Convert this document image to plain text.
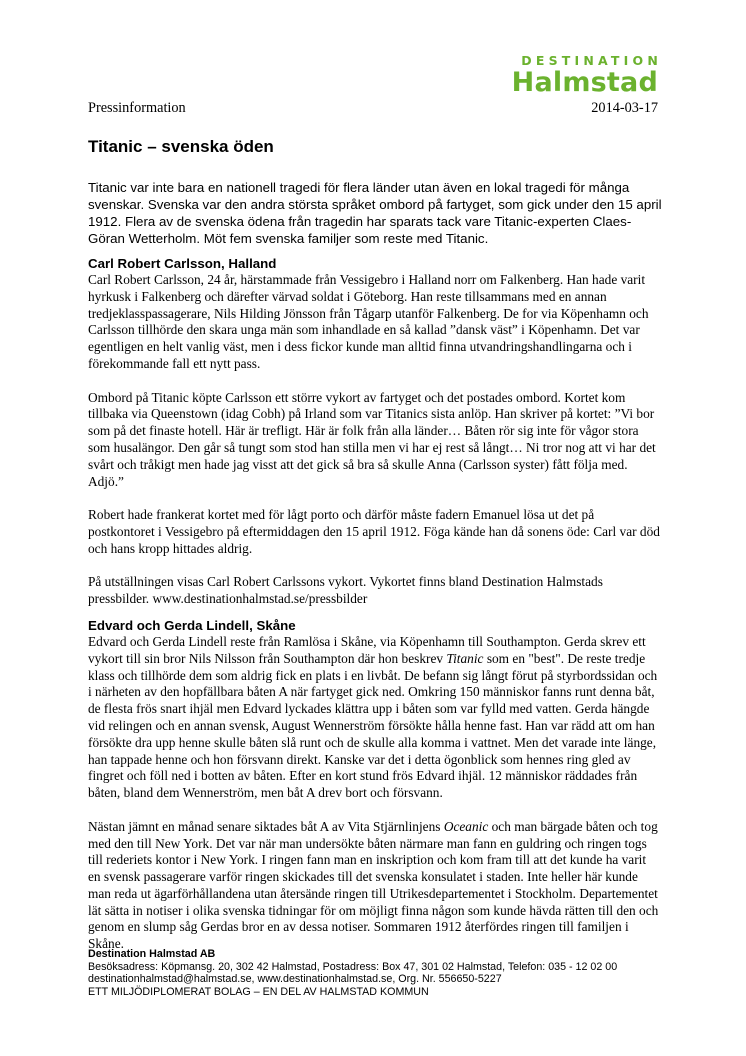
DESTINATION
Halmstad
Pressinformation	2014-03-17
Titanic – svenska öden

Titanic var inte bara en nationell tragedi för flera länder utan även en lokal tragedi för många svenskar. Svenska var den andra största språket ombord på fartyget, som gick under den 15 april 1912. Flera av de svenska ödena från tragedin har sparats tack vare Titanic-experten Claes-Göran Wetterholm. Möt fem svenska familjer som reste med Titanic.

Carl Robert Carlsson, Halland

Carl Robert Carlsson, 24 år, härstammade från Vessigebro i Halland norr om Falkenberg. Han hade varit hyrkusk i Falkenberg och därefter värvad soldat i Göteborg. Han reste tillsammans med en annan tredjeklasspassagerare, Nils Hilding Jönsson från Tågarp utanför Falkenberg. De for via Köpenhamn och Carlsson tillhörde den skara unga män som inhandlade en så kallad ”dansk väst” i Köpenhamn. Det var egentligen en helt vanlig väst, men i dess fickor kunde man alltid finna utvandringshandlingarna och i förekommande fall ett nytt pass.

Ombord på Titanic köpte Carlsson ett större vykort av fartyget och det postades ombord. Kortet kom tillbaka via Queenstown (idag Cobh) på Irland som var Titanics sista anlöp. Han skriver på kortet: ”Vi bor som på det finaste hotell. Här är trefligt. Här är folk från alla länder… Båten rör sig inte för vågor stora som husalängor. Den går så tungt som stod han stilla men vi har ej rest så långt… Ni tror nog att vi har det svårt och tråkigt men hade jag visst att det gick så bra så skulle Anna (Carlsson syster) fått följa med. Adjö.”

Robert hade frankerat kortet med för lågt porto och därför måste fadern Emanuel lösa ut det på postkontoret i Vessigebro på eftermiddagen den 15 april 1912. Föga kände han då sonens öde: Carl var död och hans kropp hittades aldrig.

På utställningen visas Carl Robert Carlssons vykort. Vykortet finns bland Destination Halmstads pressbilder. www.destinationhalmstad.se/pressbilder

Edvard och Gerda Lindell, Skåne

Edvard och Gerda Lindell reste från Ramlösa i Skåne, via Köpenhamn till Southampton. Gerda skrev ett vykort till sin bror Nils Nilsson från Southampton där hon beskrev Titanic som en "best". De reste tredje klass och tillhörde dem som aldrig fick en plats i en livbåt. De befann sig långt förut på styrbordssidan och i närheten av den hopfällbara båten A när fartyget gick ned. Omkring 150 människor fanns runt denna båt, de flesta frös snart ihjäl men Edvard lyckades klättra upp i båten som var fylld med vatten. Gerda hängde vid relingen och en annan svensk, August Wennerström försökte hålla henne fast. Han var rädd att om han försökte dra upp henne skulle båten slå runt och de skulle alla komma i vattnet. Men det varade inte länge, han tappade henne och hon försvann direkt. Kanske var det i detta ögonblick som hennes ring gled av fingret och föll ned i botten av båten. Efter en kort stund frös Edvard ihjäl. 12 människor räddades från båten, bland dem Wennerström, men båt A drev bort och försvann.

Nästan jämnt en månad senare siktades båt A av Vita Stjärnlinjens Oceanic och man bärgade båten och tog med den till New York. Det var när man undersökte båten närmare man fann en guldring och ringen togs till rederiets kontor i New York. I ringen fann man en inskription och kom fram till att det kunde ha varit en svensk passagerare varför ringen skickades till det svenska konsulatet i staden. Inte heller här kunde man reda ut ägarförhållandena utan återsände ringen till Utrikesdepartementet i Stockholm. Departementet lät sätta in notiser i olika svenska tidningar för om möjligt finna någon som kunde hävda rätten till den och genom en slump såg Gerdas bror en av dessa notiser. Sommaren 1912 återfördes ringen till familjen i Skåne.

Destination Halmstad AB
Besöksadress: Köpmansg. 20, 302 42 Halmstad, Postadress: Box 47, 301 02 Halmstad, Telefon: 035 - 12 02 00
destinationhalmstad@halmstad.se, www.destinationhalmstad.se, Org. Nr. 556650-5227
ETT MILJÖDIPLOMERAT BOLAG – EN DEL AV HALMSTAD KOMMUN
